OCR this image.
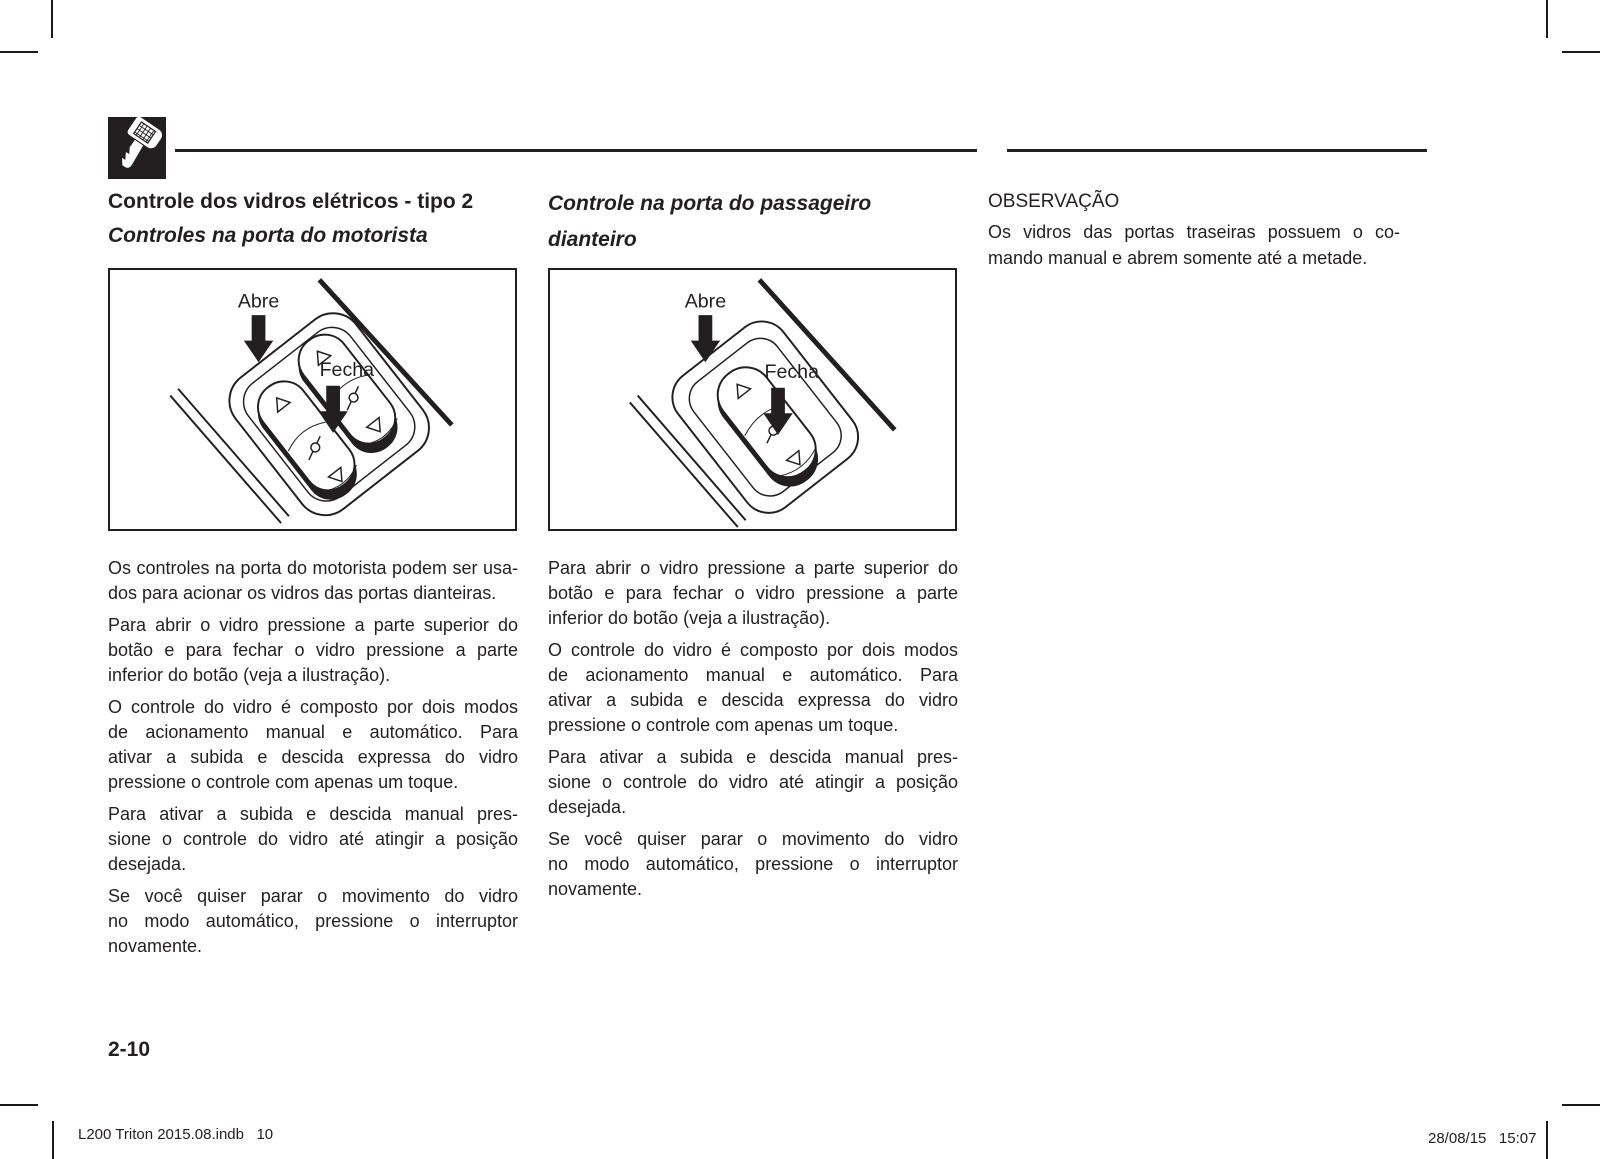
Controle dos vidros elétricos - tipo 2
Controles na porta do motorista
Controle na porta do passageiro dianteiro
OBSERVAÇÃO
Os vidros das portas traseiras possuem o co-
mando manual e abrem somente até a metade.
Abre
Fecha
Abre
Fecha
Os controles na porta do motorista podem ser usa-
dos para acionar os vidros das portas dianteiras.
Para abrir o vidro pressione a parte superior do
botão e para fechar o vidro pressione a parte
inferior do botão (veja a ilustração).
O controle do vidro é composto por dois modos
de acionamento manual e automático. Para
ativar a subida e descida expressa do vidro
pressione o controle com apenas um toque.
Para ativar a subida e descida manual pres-
sione o controle do vidro até atingir a posição
desejada.
Se você quiser parar o movimento do vidro
no modo automático, pressione o interruptor
novamente.
Para abrir o vidro pressione a parte superior do
botão e para fechar o vidro pressione a parte
inferior do botão (veja a ilustração).
O controle do vidro é composto por dois modos
de acionamento manual e automático. Para
ativar a subida e descida expressa do vidro
pressione o controle com apenas um toque.
Para ativar a subida e descida manual pres-
sione o controle do vidro até atingir a posição
desejada.
Se você quiser parar o movimento do vidro
no modo automático, pressione o interruptor
novamente.
2-10
L200 Triton 2015.08.indb   10	28/08/15   15:07
